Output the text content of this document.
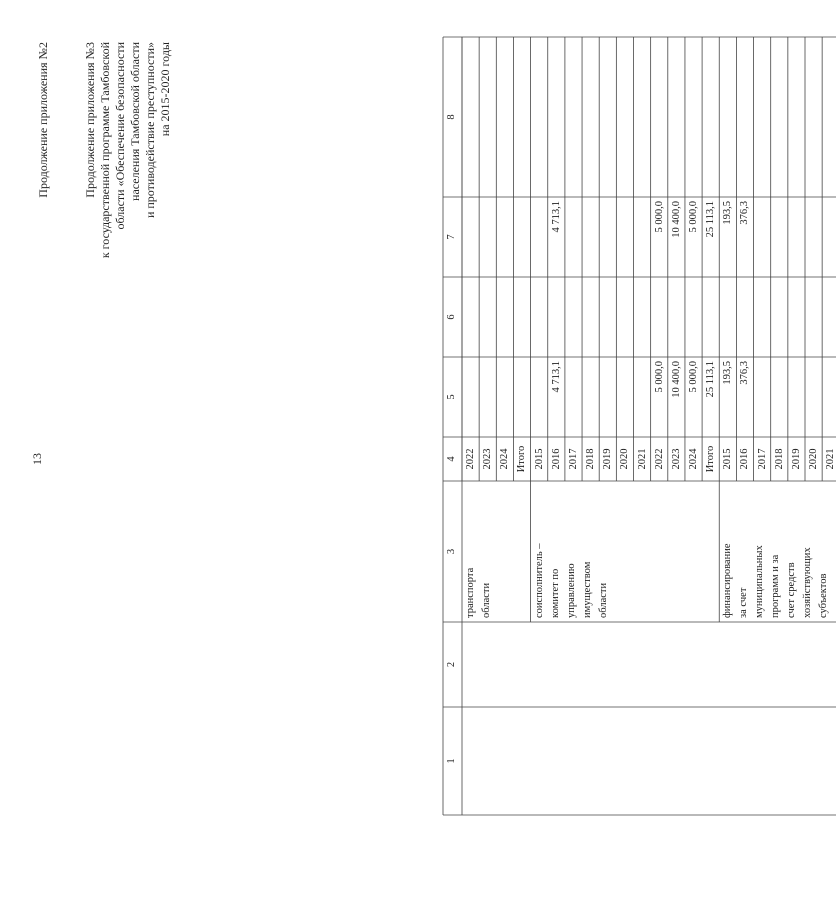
13
Продолжение приложения №2	Продолжение приложения №3 к государственной программе Тамбовской области «Обеспечение безопасности населения Тамбовской области и противодействие преступности» на 2015-2020 годы
1
2
3
4
5
6
7
8
2022
транспорта области
2023 2024 Итого 2015
соисполнитель – комитет по управлению имуществом области
2016
4 713,1
4 713,1
2017 2018 2019 2020 2021 2022
5 000,0
5 000,0
2023
10 400,0
10 400,0
2024
5 000,0
5 000,0
Итого
25 113,1
25 113,1
2015
193,5
193,5
финансирование за счет муниципальных программ и за счет средств хозяйствующих субъектов
2016
376,3
376,3
2017 2018 2019 2020 2021
